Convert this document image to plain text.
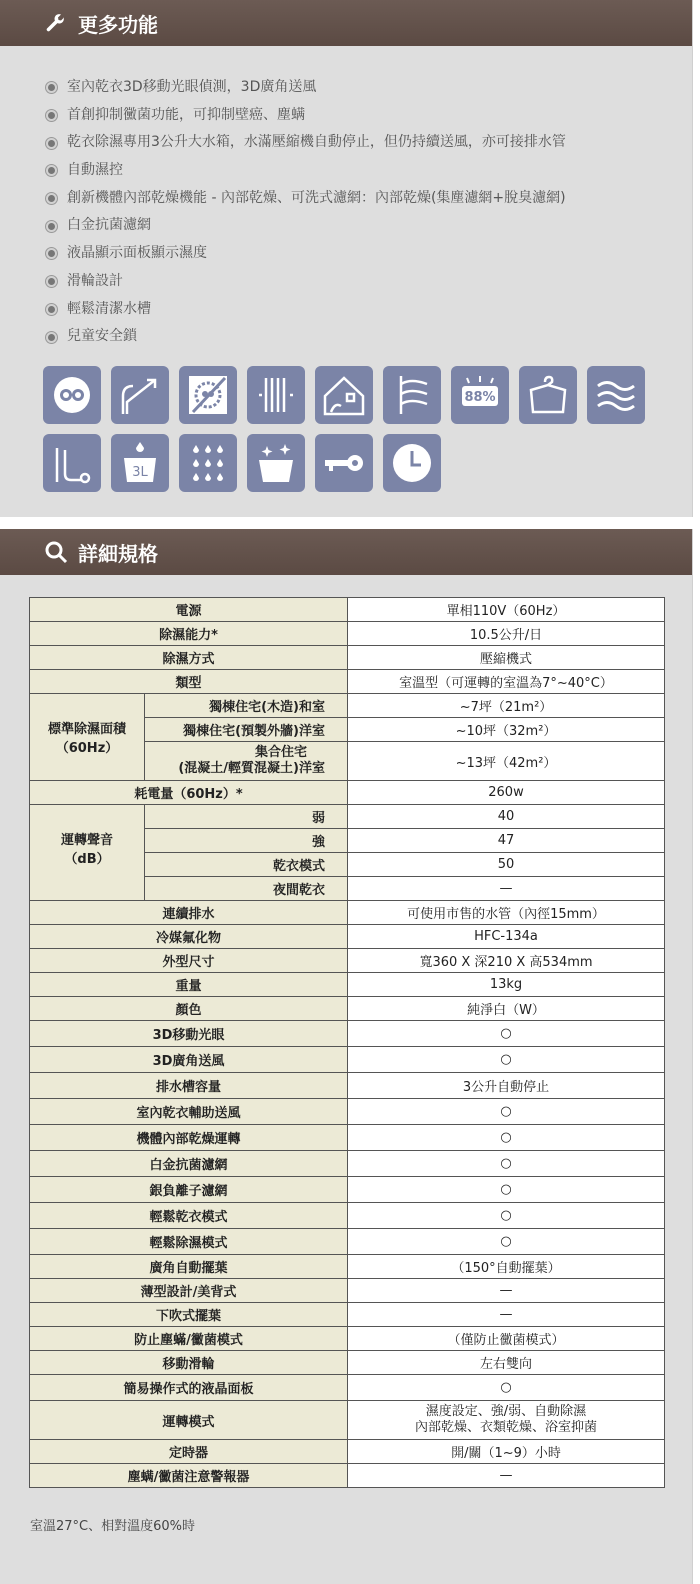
更多功能
室內乾衣3D移動光眼偵測，3D廣角送風
首創抑制黴菌功能，可抑制壁癌、塵螨
乾衣除濕專用3公升大水箱，水滿壓縮機自動停止，但仍持續送風，亦可接排水管
自動濕控
創新機體內部乾燥機能 - 內部乾燥、可洗式濾網：內部乾燥(集塵濾網+脫臭濾網)
白金抗菌濾網
液晶顯示面板顯示濕度
滑輪設計
輕鬆清潔水槽
兒童安全鎖
88%
3L
詳細規格
電源		單相110V（60Hz）
除濕能力*		10.5公升/日
除濕方式		壓縮機式
類型		室溫型（可運轉的室溫為7°~40°C）
標準除濕面積
（60Hz）	獨棟住宅(木造)和室	~7坪（21m²）
	獨棟住宅(預製外牆)洋室	~10坪（32m²）
	集合住宅
(混凝土/輕質混凝土)洋室	~13坪（42m²）
耗電量（60Hz）*		260w
運轉聲音
（dB）	弱	40
	強	47
	乾衣模式	50
	夜間乾衣	—
連續排水		可使用市售的水管（內徑15mm）
冷媒氟化物		HFC-134a
外型尺寸		寬360 X 深210 X 高534mm
重量		13kg
顏色		純淨白（W）
3D移動光眼		○
3D廣角送風		○
排水槽容量		3公升自動停止
室內乾衣輔助送風		○
機體內部乾燥運轉		○
白金抗菌濾網		○
銀負離子濾網		○
輕鬆乾衣模式		○
輕鬆除濕模式		○
廣角自動擺葉		（150°自動擺葉）
薄型設計/美背式		—
下吹式擺葉		—
防止塵蟎/黴菌模式		（僅防止黴菌模式）
移動滑輪		左右雙向
簡易操作式的液晶面板		○
運轉模式		濕度設定、強/弱、自動除濕
內部乾燥、衣類乾燥、浴室抑菌
定時器		開/關（1~9）小時
塵螨/黴菌注意警報器		—
室溫27°C、相對溫度60%時
